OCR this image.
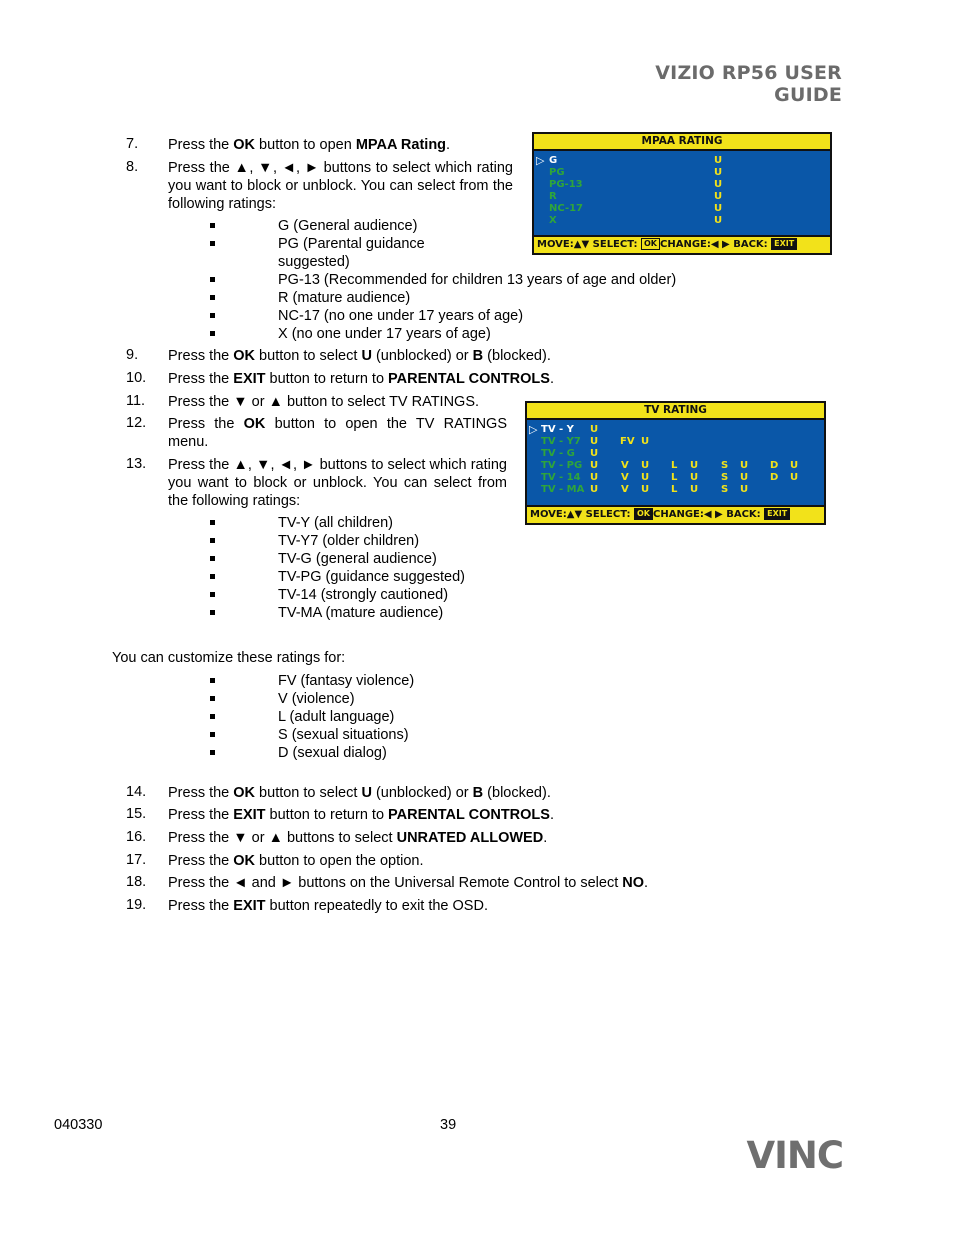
VIZIO RP56 USER GUIDE
7. Press the OK button to open MPAA Rating.
8. Press the ▲, ▼, ◄, ► buttons to select which rating you want to block or unblock. You can select from the following ratings:
G (General audience)
PG (Parental guidance suggested)
PG-13 (Recommended for children 13 years of age and older)
R (mature audience)
NC-17 (no one under 17 years of age)
X (no one under 17 years of age)
MPAA RATING
▷ G
PG
PG-13
R
NC-17
X
U
U
U
U
U
U
MOVE:▲▼ SELECT: OK CHANGE:◀ ▶ BACK: EXIT
9. Press the OK button to select U (unblocked) or B (blocked).
10. Press the EXIT button to return to PARENTAL CONTROLS.
11. Press the ▼ or ▲ button to select TV RATINGS.
12. Press the OK button to open the TV RATINGS menu.
13. Press the ▲, ▼, ◄, ► buttons to select which rating you want to block or unblock. You can select from the following ratings:
TV-Y (all children)
TV-Y7 (older children)
TV-G (general audience)
TV-PG (guidance suggested)
TV-14 (strongly cautioned)
TV-MA (mature audience)
TV RATING
▷ TV - Y
TV - Y7
TV - G
TV - PG
TV - 14
TV - MA
U
U
U
U
U
U
FV U
V U L U S U D U
V U L U S U D U
V U L U S U
MOVE:▲▼ SELECT: OK CHANGE:◀ ▶ BACK: EXIT
You can customize these ratings for:
FV (fantasy violence)
V (violence)
L (adult language)
S (sexual situations)
D (sexual dialog)
14. Press the OK button to select U (unblocked) or B (blocked).
15. Press the EXIT button to return to PARENTAL CONTROLS.
16. Press the ▼ or ▲ buttons to select UNRATED ALLOWED.
17. Press the OK button to open the option.
18. Press the ◄ and ► buttons on the Universal Remote Control to select NO.
19. Press the EXIT button repeatedly to exit the OSD.
040330	39
VINC
